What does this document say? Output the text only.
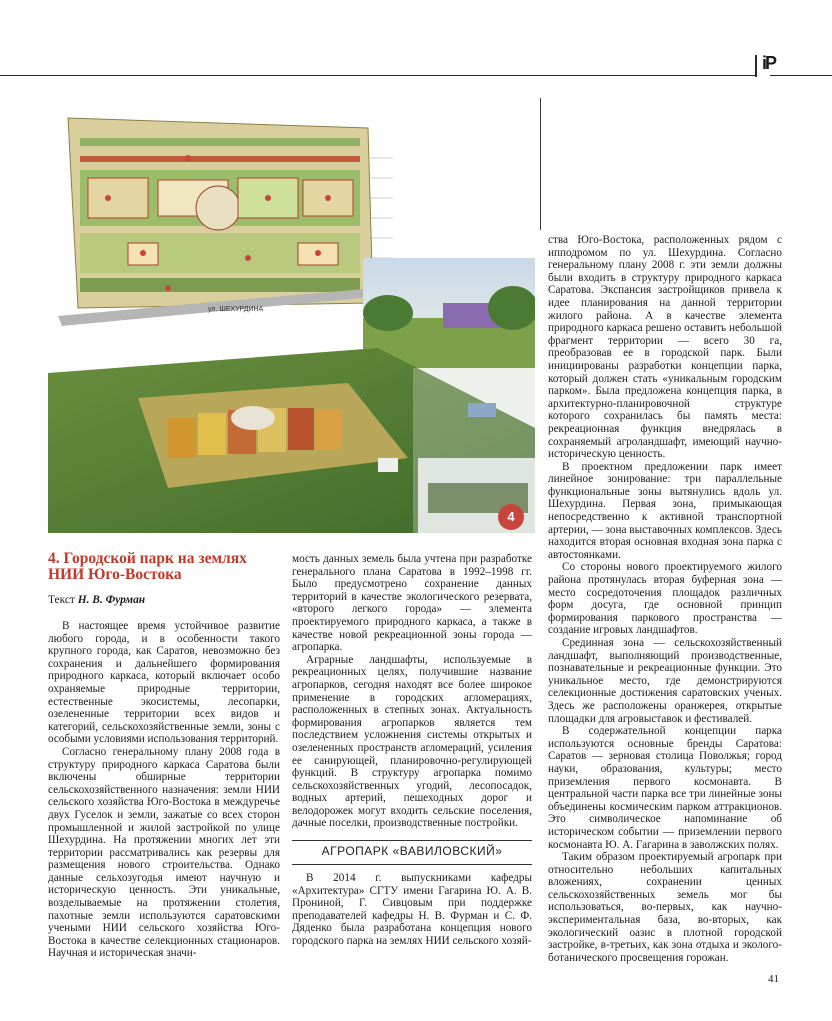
iP
ул. ШЕХУРДИНА
4
4. Городской парк на землях НИИ Юго-Востока
Текст Н. В. Фурман

В настоящее время устойчивое развитие любого города, и в особенности такого крупного города, как Саратов, невозможно без сохранения и дальнейшего формирования природного каркаса, который включает особо охраняемые природные территории, естественные экосистемы, лесопарки, озелененные территории всех видов и категорий, сельскохозяйственные земли, зоны с особыми условиями использования территорий.

Согласно генеральному плану 2008 года в структуру природного каркаса Саратова были включены обширные территории сельскохозяйственного назначения: земли НИИ сельского хозяйства Юго-Востока в междуречье двух Гуселок и земли, зажатые со всех сторон промышленной и жилой застройкой по улице Шехурдина. На протяжении многих лет эти территории рассматривались как резервы для размещения нового строительства. Однако данные сельхозугодья имеют научную и историческую ценность. Эти уникальные, возделываемые на протяжении столетия, пахотные земли используются саратовскими учеными НИИ сельского хозяйства Юго-Востока в качестве селекционных стационаров. Научная и историческая значи-

мость данных земель была учтена при разработке генерального плана Саратова в 1992–1998 гг. Было предусмотрено сохранение данных территорий в качестве экологического резервата, «второго легкого города» — элемента проектируемого природного каркаса, а также в качестве новой рекреационной зоны города — агропарка.

Аграрные ландшафты, используемые в рекреационных целях, получившие название агропарков, сегодня находят все более широкое применение в городских агломерациях, расположенных в степных зонах. Актуальность формирования агропарков является тем последствием усложнения системы открытых и озелененных пространств агломераций, усиления еe санирующей, планировочно-регулирующей функций. В структуру агропарка помимо сельскохозяйственных угодий, лесопосадок, водных артерий, пешеходных дорог и велодорожек могут входить сельские поселения, дачные поселки, производственные постройки.

АГРОПАРК «ВАВИЛОВСКИЙ»

В 2014 г. выпускниками кафедры «Архитектура» СГТУ имени Гагарина Ю. А. В. Прониной, Г. Сивцовым при поддержке преподавателей кафедры Н. В. Фурман и С. Ф. Дяденко была разработана концепция нового городского парка на землях НИИ сельского хозяй-

ства Юго-Востока, расположенных рядом с ипподромом по ул. Шехурдина. Согласно генеральному плану 2008 г. эти земли должны были входить в структуру природного каркаса Саратова. Экспансия застройщиков привела к идее планирования на данной территории жилого района. А в качестве элемента природного каркаса решено оставить небольшой фрагмент территории — всего 30 га, преобразовав ее в городской парк. Были инициированы разработки концепции парка, который должен стать «уникальным городским парком». Была предложена концепция парка, в архитектурно-планировочной структуре которого сохранилась бы память места: рекреационная функция внедрялась в сохраняемый агроландшафт, имеющий научно-историческую ценность.

В проектном предложении парк имеет линейное зонирование: три параллельные функциональные зоны вытянулись вдоль ул. Шехурдина. Первая зона, примыкающая непосредственно к активной транспортной артерии, — зона выставочных комплексов. Здесь находится вторая основная входная зона парка с автостоянками.

Со стороны нового проектируемого жилого района протянулась вторая буферная зона — место сосредоточения площадок различных форм досуга, где основной принцип формирования паркового пространства — создание игровых ландшафтов.

Срединная зона — сельскохозяйственный ландшафт, выполняющий производственные, познавательные и рекреационные функции. Это уникальное место, где демонстрируются селекционные достижения саратовских ученых. Здесь же расположены оранжерея, открытые площадки для агровыставок и фестивалей.

В содержательной концепции парка используются основные бренды Саратова: Саратов — зерновая столица Поволжья; город науки, образования, культуры; место приземления первого космонавта. В центральной части парка все три линейные зоны объединены космическим парком аттракционов. Это символическое напоминание об историческом событии — приземлении первого космонавта Ю. А. Гагарина в заволжских полях.

Таким образом проектируемый агропарк при относительно небольших капитальных вложениях, сохранении ценных сельскохозяйственных земель мог бы использоваться, во-первых, как научно-экспериментальная база, во-вторых, как экологический оазис в плотной городской застройке, в-третьих, как зона отдыха и эколого-ботанического просвещения горожан.

41
